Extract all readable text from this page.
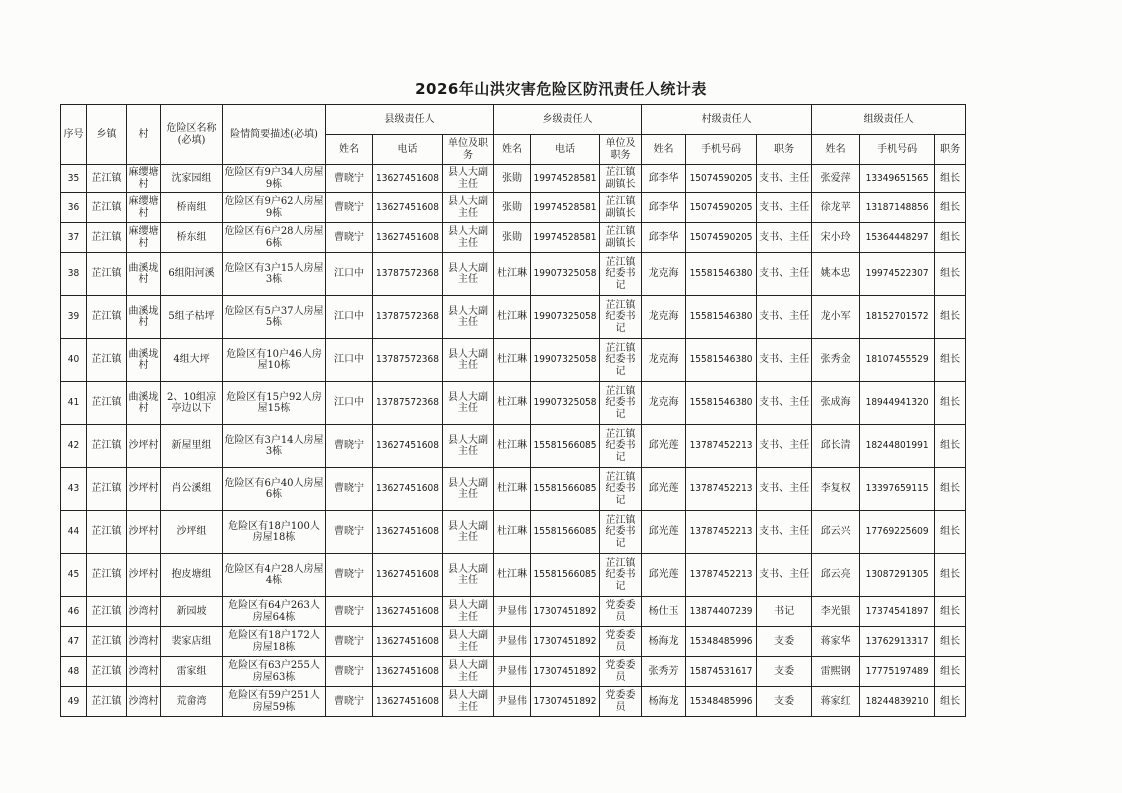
2026年山洪灾害危险区防汛责任人统计表
序号	乡镇	村	危险区名称(必填)	险情简要描述(必填)	县级责任人			乡级责任人			村级责任人			组级责任人		
					姓名	电话	单位及职务	姓名	电话	单位及职务	姓名	手机号码	职务	姓名	手机号码	职务
35	芷江镇	麻缨塘村	沈家园组	危险区有9户34人房屋9栋	曹晓宁	13627451608	县人大副主任	张勋	19974528581	芷江镇副镇长	邱李华	15074590205	支书、主任	张爱萍	13349651565	组长
36	芷江镇	麻缨塘村	桥南组	危险区有9户62人房屋9栋	曹晓宁	13627451608	县人大副主任	张勋	19974528581	芷江镇副镇长	邱李华	15074590205	支书、主任	徐龙苹	13187148856	组长
37	芷江镇	麻缨塘村	桥东组	危险区有6户28人房屋6栋	曹晓宁	13627451608	县人大副主任	张勋	19974528581	芷江镇副镇长	邱李华	15074590205	支书、主任	宋小玲	15364448297	组长
38	芷江镇	曲溪垅村	6组阳河溪	危险区有3户15人房屋3栋	江口中	13787572368	县人大副主任	杜江琳	19907325058	芷江镇纪委书记	龙克海	15581546380	支书、主任	姚本忠	19974522307	组长
39	芷江镇	曲溪垅村	5组子枯坪	危险区有5户37人房屋5栋	江口中	13787572368	县人大副主任	杜江琳	19907325058	芷江镇纪委书记	龙克海	15581546380	支书、主任	龙小军	18152701572	组长
40	芷江镇	曲溪垅村	4组大坪	危险区有10户46人房屋10栋	江口中	13787572368	县人大副主任	杜江琳	19907325058	芷江镇纪委书记	龙克海	15581546380	支书、主任	张秀金	18107455529	组长
41	芷江镇	曲溪垅村	2、10组凉亭边以下	危险区有15户92人房屋15栋	江口中	13787572368	县人大副主任	杜江琳	19907325058	芷江镇纪委书记	龙克海	15581546380	支书、主任	张成海	18944941320	组长
42	芷江镇	沙坪村	新屋里组	危险区有3户14人房屋3栋	曹晓宁	13627451608	县人大副主任	杜江琳	15581566085	芷江镇纪委书记	邱光莲	13787452213	支书、主任	邱长清	18244801991	组长
43	芷江镇	沙坪村	肖公溪组	危险区有6户40人房屋6栋	曹晓宁	13627451608	县人大副主任	杜江琳	15581566085	芷江镇纪委书记	邱光莲	13787452213	支书、主任	李复权	13397659115	组长
44	芷江镇	沙坪村	沙坪组	危险区有18户100人房屋18栋	曹晓宁	13627451608	县人大副主任	杜江琳	15581566085	芷江镇纪委书记	邱光莲	13787452213	支书、主任	邱云兴	17769225609	组长
45	芷江镇	沙坪村	抱皮塘组	危险区有4户28人房屋4栋	曹晓宁	13627451608	县人大副主任	杜江琳	15581566085	芷江镇纪委书记	邱光莲	13787452213	支书、主任	邱云亮	13087291305	组长
46	芷江镇	沙湾村	新园坡	危险区有64户263人房屋64栋	曹晓宁	13627451608	县人大副主任	尹显伟	17307451892	党委委员	杨仕玉	13874407239	书记	李光银	17374541897	组长
47	芷江镇	沙湾村	裴家店组	危险区有18户172人房屋18栋	曹晓宁	13627451608	县人大副主任	尹显伟	17307451892	党委委员	杨海龙	15348485996	支委	蒋家华	13762913317	组长
48	芷江镇	沙湾村	雷家组	危险区有63户255人房屋63栋	曹晓宁	13627451608	县人大副主任	尹显伟	17307451892	党委委员	张秀芳	15874531617	支委	雷熙钢	17775197489	组长
49	芷江镇	沙湾村	荒畲湾	危险区有59户251人房屋59栋	曹晓宁	13627451608	县人大副主任	尹显伟	17307451892	党委委员	杨海龙	15348485996	支委	蒋家红	18244839210	组长
